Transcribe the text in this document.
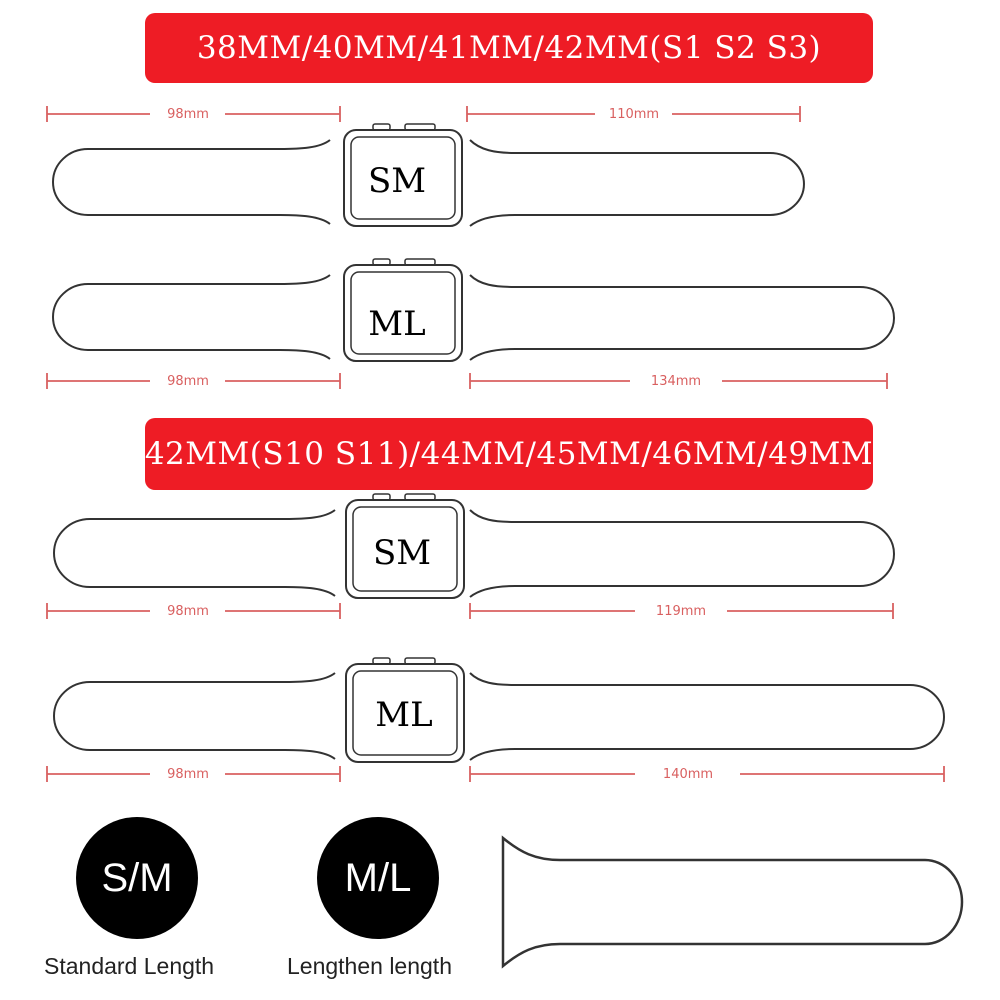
38MM/40MM/41MM/42MM(S1 S2 S3)
42MM(S10 S11)/44MM/45MM/46MM/49MM
98mm	110mm
98mm	134mm
98mm	119mm
98mm	140mm
SM
ML
SM
ML
S/M	M/L
Standard Length	Lengthen length
